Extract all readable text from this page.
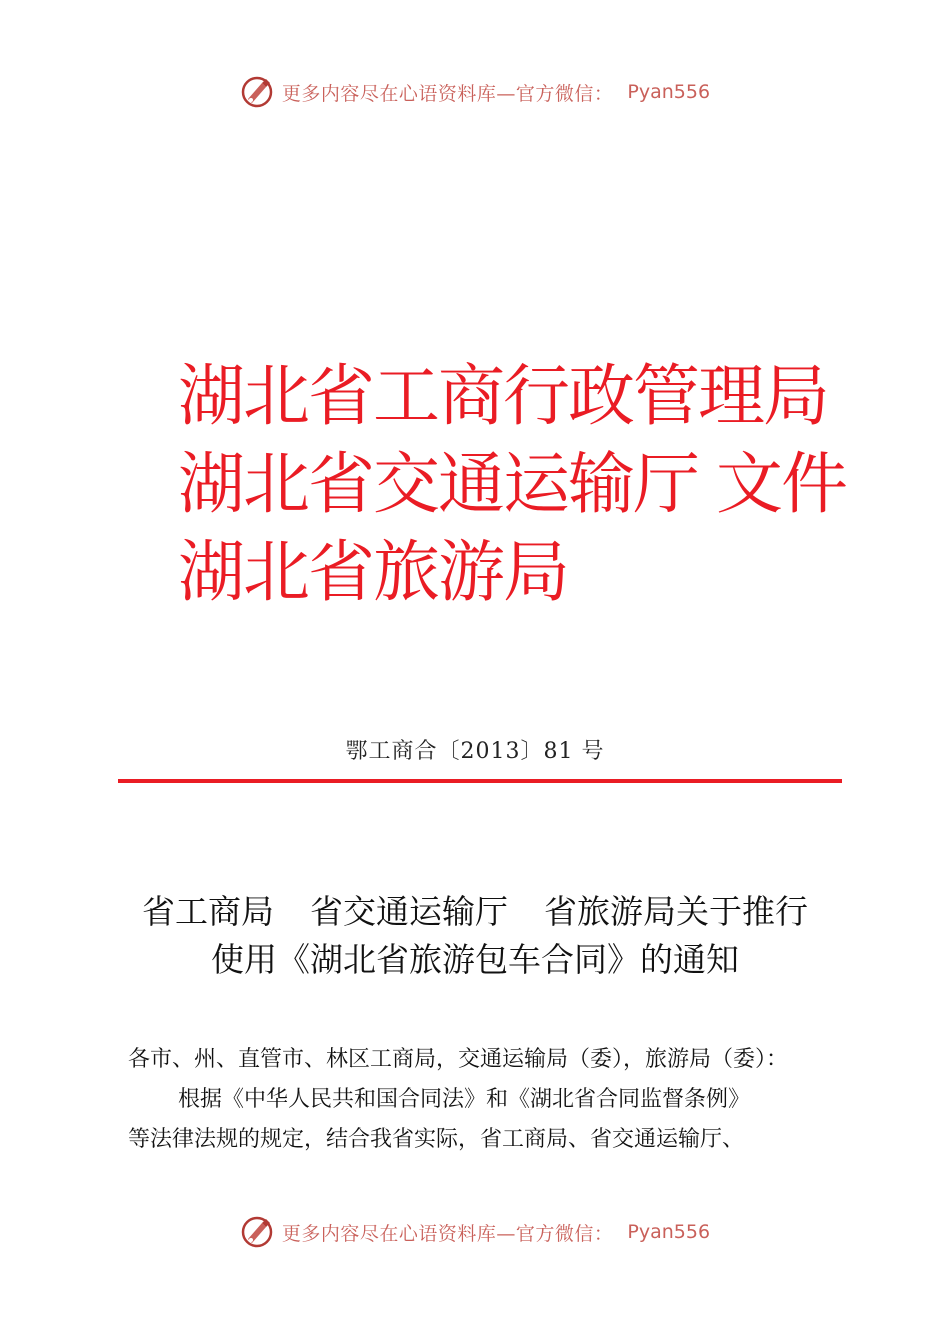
更多内容尽在心语资料库—官方微信： Pyan556
湖北省工商行政管理局
湖北省交通运输厅 文件
湖北省旅游局
鄂工商合〔2013〕81 号
省工商局 省交通运输厅 省旅游局关于推行
使用《湖北省旅游包车合同》的通知
各市、州、直管市、林区工商局，交通运输局（委），旅游局（委）：
根据《中华人民共和国合同法》和《湖北省合同监督条例》
等法律法规的规定，结合我省实际，省工商局、省交通运输厅、
更多内容尽在心语资料库—官方微信： Pyan556
